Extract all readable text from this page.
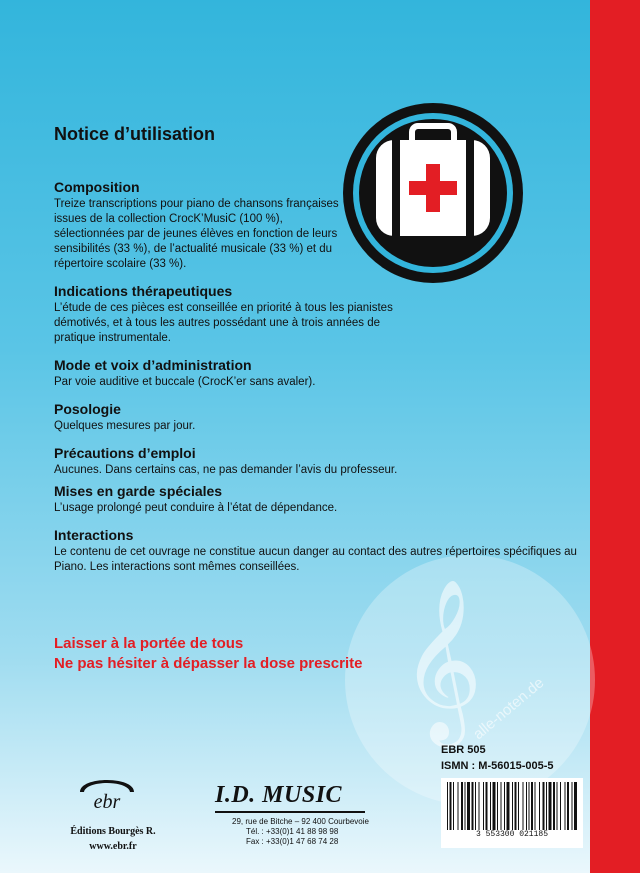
𝄞
alle-noten.de
Notice d’utilisation
Composition

Treize transcriptions pour piano de chansons françaises issues de la collection CrocK’MusiC (100 %), sélectionnées par de jeunes élèves en fonction de leurs sensibilités (33 %), de l’actualité musicale (33 %) et du répertoire scolaire (33 %).

Indications thérapeutiques

L’étude de ces pièces est conseillée en priorité à tous les pianistes démotivés, et à tous les autres possédant une à trois années de pratique instrumentale.

Mode et voix d’administration

Par voie auditive et buccale (CrocK’er sans avaler).

Posologie

Quelques mesures par jour.

Précautions d’emploi

Aucunes. Dans certains cas, ne pas demander l’avis du professeur.

Mises en garde spéciales

L’usage prolongé peut conduire à l’état de dépendance.

Interactions

Le contenu de cet ouvrage ne constitue aucun danger au contact des autres répertoires spécifiques au Piano. Les interactions sont mêmes conseillées.

Laisser à la portée de tous
Ne pas hésiter à dépasser la dose prescrite
EBR 505
ISMN : M-56015-005-5
3 553300 021185
ebr
Éditions Bourgès R.
www.ebr.fr
I.D. MUSIC
29, rue de Bitche – 92 400 Courbevoie
Tél. : +33(0)1 41 88 98 98
Fax : +33(0)1 47 68 74 28
